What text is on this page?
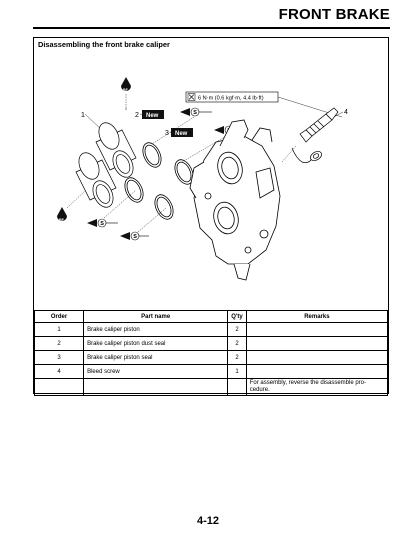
FRONT BRAKE
Disassembling the front brake caliper
6 N·m (0.6 kgf·m, 4.4 lb·ft)
1	2
3
4
New
New
BF
BF
S
S
S
Order	Part name	Q'ty	Remarks
1	Brake caliper piston	2	
2	Brake caliper piston dust seal	2	
3	Brake caliper piston seal	2	
4	Bleed screw	1	
			For assembly, reverse the disassemble pro-cedure.
4-12
